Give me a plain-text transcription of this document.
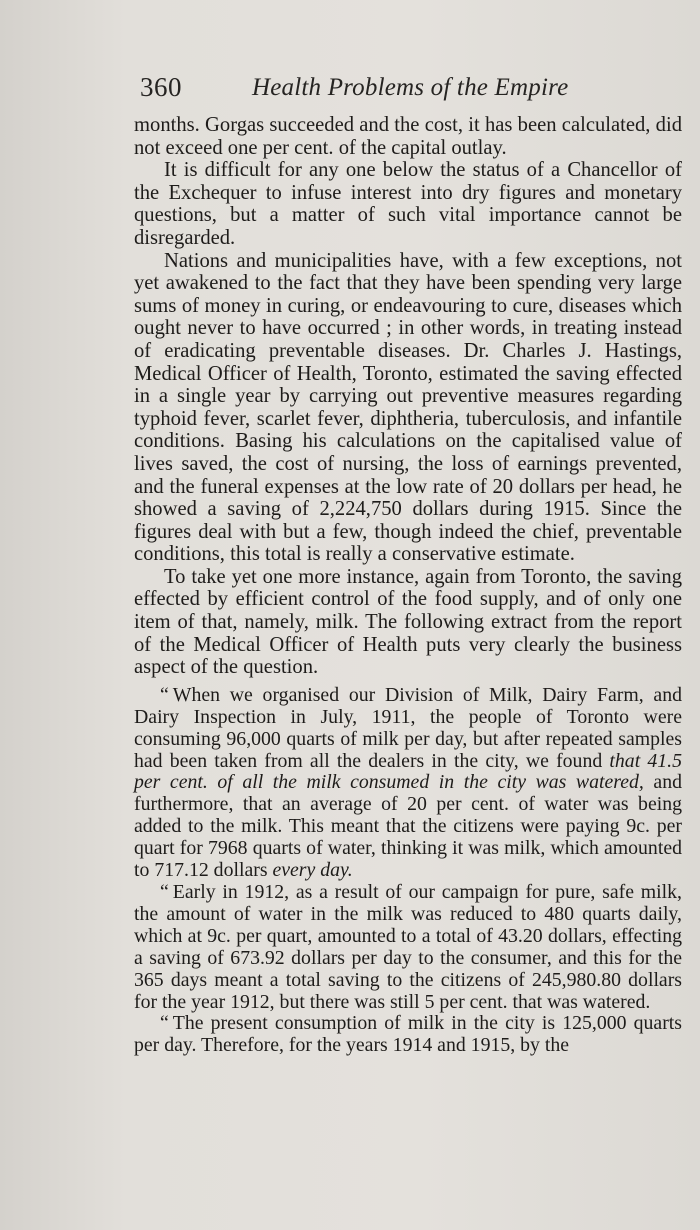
360	Health Problems of the Empire

months. Gorgas succeeded and the cost, it has been calculated, did not exceed one per cent. of the capital outlay.

It is difficult for any one below the status of a Chancellor of the Exchequer to infuse interest into dry figures and monetary questions, but a matter of such vital importance cannot be disregarded.

Nations and municipalities have, with a few exceptions, not yet awakened to the fact that they have been spending very large sums of money in curing, or endeavouring to cure, diseases which ought never to have occurred ; in other words, in treating instead of eradicating preventable diseases. Dr. Charles J. Hastings, Medical Officer of Health, Toronto, estimated the saving effected in a single year by carrying out preventive measures regarding typhoid fever, scarlet fever, diphtheria, tuberculosis, and infantile conditions. Basing his calculations on the capitalised value of lives saved, the cost of nursing, the loss of earnings prevented, and the funeral expenses at the low rate of 20 dollars per head, he showed a saving of 2,224,750 dollars during 1915. Since the figures deal with but a few, though indeed the chief, preventable conditions, this total is really a conservative estimate.

To take yet one more instance, again from Toronto, the saving effected by efficient control of the food supply, and of only one item of that, namely, milk. The following extract from the report of the Medical Officer of Health puts very clearly the business aspect of the question.

“ When we organised our Division of Milk, Dairy Farm, and Dairy Inspection in July, 1911, the people of Toronto were consuming 96,000 quarts of milk per day, but after repeated samples had been taken from all the dealers in the city, we found that 41.5 per cent. of all the milk consumed in the city was watered, and furthermore, that an average of 20 per cent. of water was being added to the milk. This meant that the citizens were paying 9c. per quart for 7968 quarts of water, thinking it was milk, which amounted to 717.12 dollars every day.

“ Early in 1912, as a result of our campaign for pure, safe milk, the amount of water in the milk was reduced to 480 quarts daily, which at 9c. per quart, amounted to a total of 43.20 dollars, effecting a saving of 673.92 dollars per day to the consumer, and this for the 365 days meant a total saving to the citizens of 245,980.80 dollars for the year 1912, but there was still 5 per cent. that was watered.

“ The present consumption of milk in the city is 125,000 quarts per day. Therefore, for the years 1914 and 1915, by the
